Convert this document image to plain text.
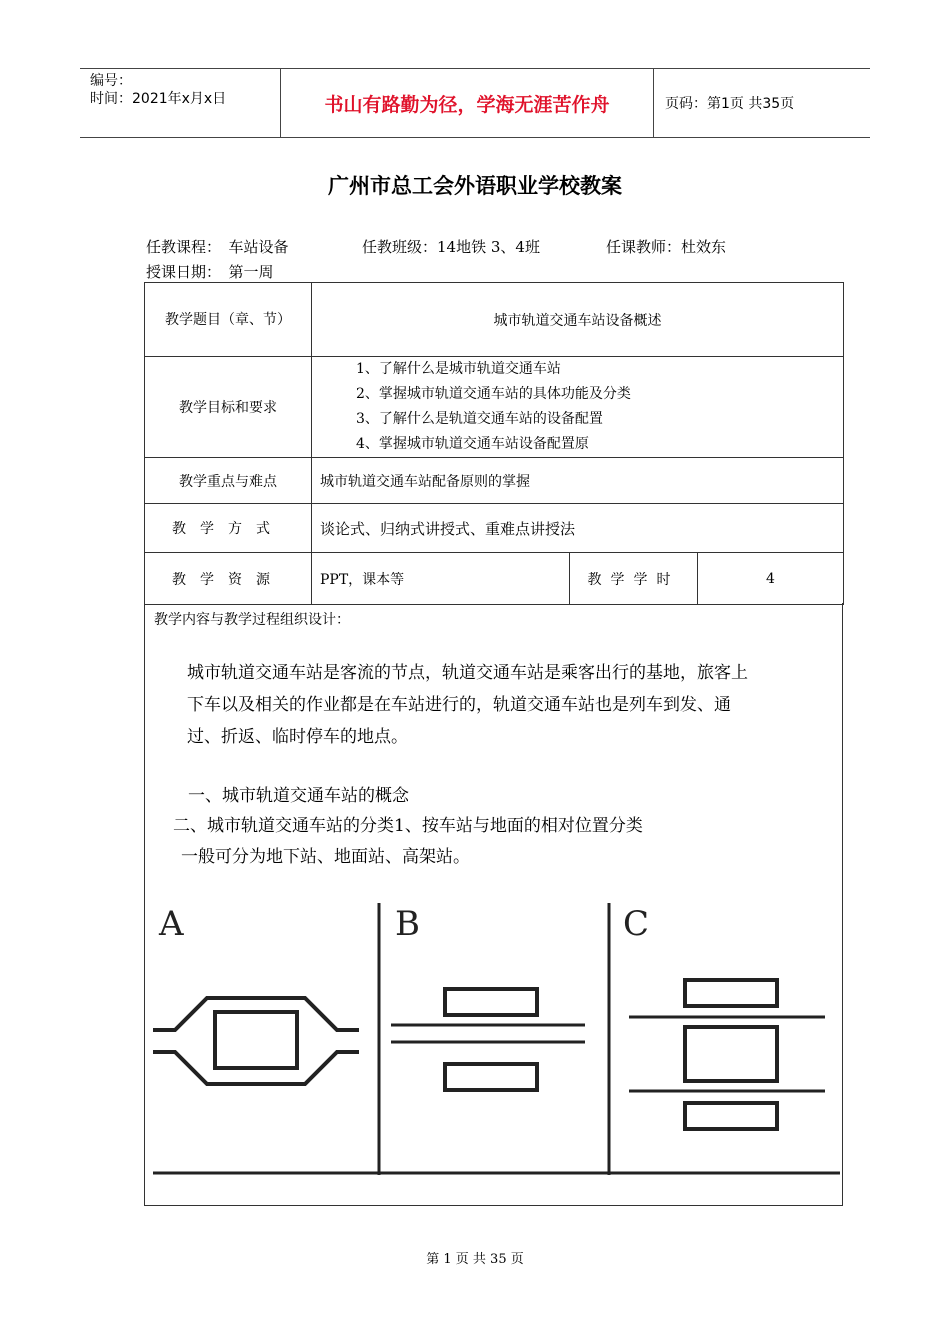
编号：
时间：2021年x月x日	书山有路勤为径，学海无涯苦作舟	页码：第1页 共35页
广州市总工会外语职业学校教案
任教课程：　车站设备	任教班级：14地铁 3、4班	任课教师：杜效东
授课日期：　第一周
教学题目（章、节）	城市轨道交通车站设备概述		
教学目标和要求	1、了解什么是城市轨道交通车站
2、掌握城市轨道交通车站的具体功能及分类
3、了解什么是轨道交通车站的设备配置
4、掌握城市轨道交通车站设备配置原		

教学重点与难点	城市轨道交通车站配备原则的掌握		
教学方式	谈论式、归纳式讲授式、重难点讲授法		
教学资源	PPT，课本等	教学学时	4
教学内容与教学过程组织设计：
城市轨道交通车站是客流的节点，轨道交通车站是乘客出行的基地，旅客上
下车以及相关的作业都是在车站进行的，轨道交通车站也是列车到发、通
过、折返、临时停车的地点。
一、城市轨道交通车站的概念
二、城市轨道交通车站的分类1、按车站与地面的相对位置分类
一般可分为地下站、地面站、高架站。
A	B	C
第 1 页 共 35 页
